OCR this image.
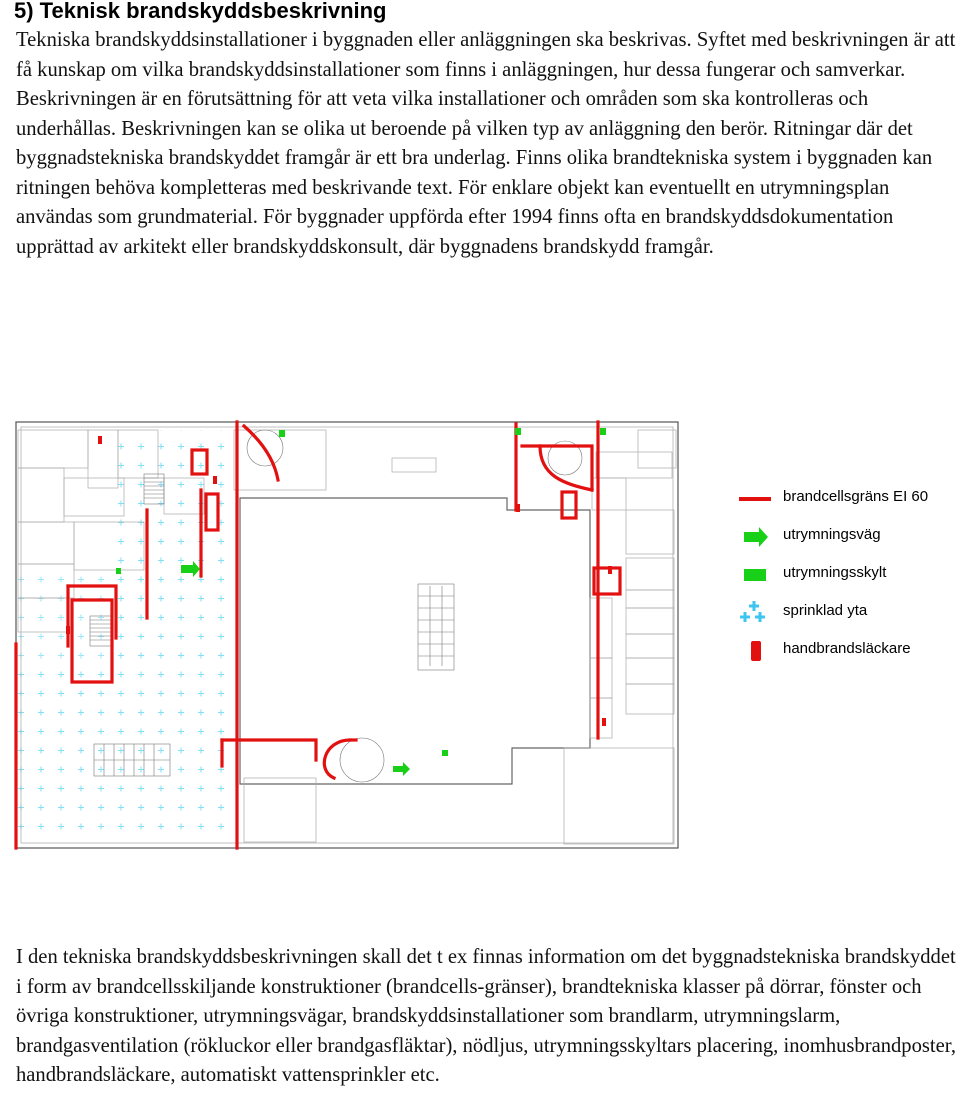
5) Teknisk brandskyddsbeskrivning

Tekniska brandskyddsinstallationer i byggnaden eller anläggningen ska beskrivas. Syftet med beskrivningen är att få kunskap om vilka brandskyddsinstallationer som finns i anläggningen, hur dessa fungerar och samverkar. Beskrivningen är en förutsättning för att veta vilka installationer och områden som ska kontrolleras och underhållas. Beskrivningen kan se olika ut beroende på vilken typ av anläggning den berör. Ritningar där det byggnadstekniska brandskyddet framgår är ett bra underlag. Finns olika brandtekniska system i byggnaden kan ritningen behöva kompletteras med beskrivande text. För enklare objekt kan eventuellt en utrymningsplan användas som grundmaterial. För byggnader uppförda efter 1994 finns ofta en brandskyddsdokumentation upprättad av arkitekt eller brandskyddskonsult, där byggnadens brandskydd framgår.

brandcellsgräns EI 60
utrymningsväg
utrymningsskylt
sprinklad yta
handbrandsläckare

I den tekniska brandskyddsbeskrivningen skall det t ex finnas information om det byggnadstekniska brandskyddet i form av brandcellsskiljande konstruktioner (brandcells-gränser), brandtekniska klasser på dörrar, fönster och övriga konstruktioner, utrymningsvägar, brandskyddsinstallationer som brandlarm, utrymningslarm, brandgasventilation (rökluckor eller brandgasfläktar), nödljus, utrymningsskyltars placering, inomhusbrandposter, handbrandsläckare, automatiskt vattensprinkler etc.
